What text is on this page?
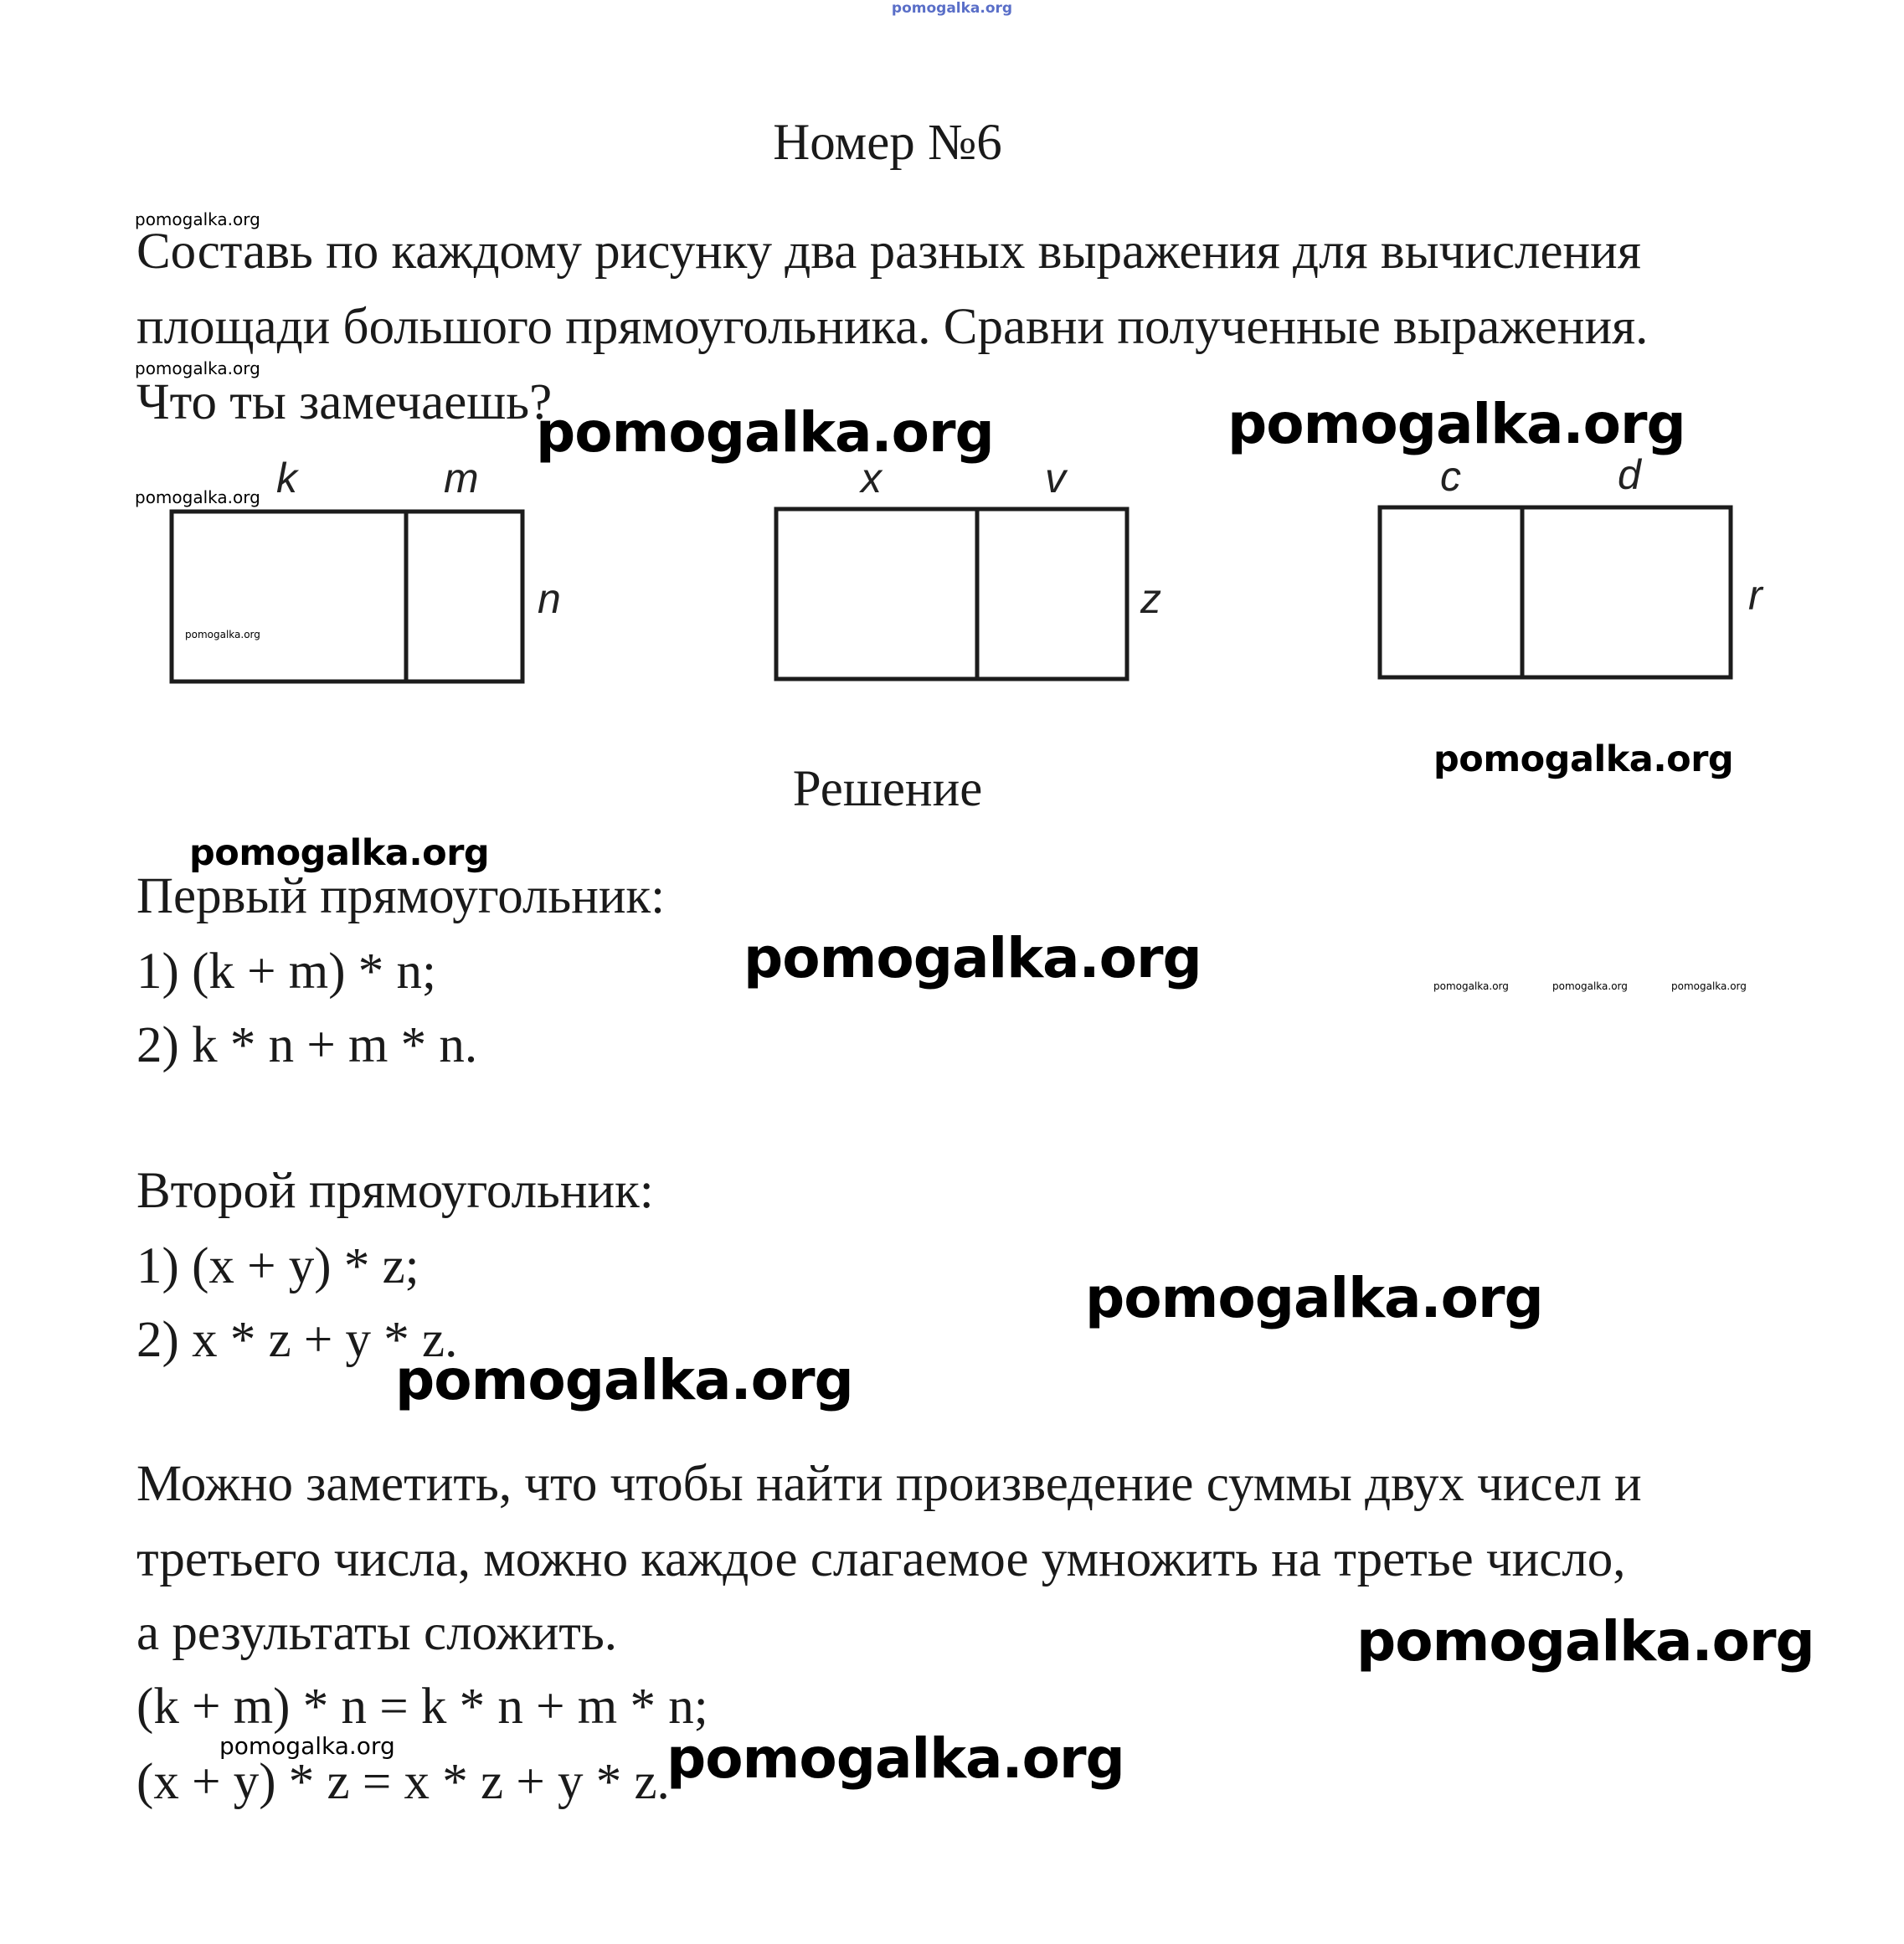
pomogalka.org
Номер №6
Составь по каждому рисунку два разных выражения для вычисления
площади большого прямоугольника. Сравни полученные выражения.
Что ты замечаешь?
k	m
n
x	v
z
c	d
r
Решение
Первый прямоугольник:
1) (k + m) * n;
2) k * n + m * n.
Второй прямоугольник:
1) (x + y) * z;
2) x * z + y * z.
Можно заметить, что чтобы найти произведение суммы двух чисел и
третьего числа, можно каждое слагаемое умножить на третье число,
а результаты сложить.
(k + m) * n = k * n + m * n;
(x + y) * z = x * z + y * z.
pomogalka.org
pomogalka.org
pomogalka.org
pomogalka.org
pomogalka.org	pomogalka.org
pomogalka.org
pomogalka.org
pomogalka.org	pomogalka.org	pomogalka.org	pomogalka.org
pomogalka.org
pomogalka.org
pomogalka.org
pomogalka.org	pomogalka.org
